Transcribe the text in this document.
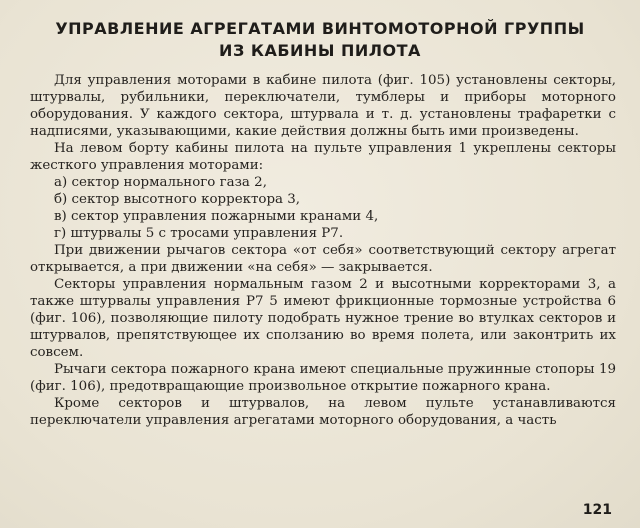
УПРАВЛЕНИЕ АГРЕГАТАМИ ВИНТОМОТОРНОЙ ГРУППЫ
ИЗ КАБИНЫ ПИЛОТА

Для управления моторами в кабине пилота (фиг. 105) установлены секторы, штурвалы, рубильники, переключатели, тумблеры и приборы моторного оборудования. У каждого сектора, штурвала и т. д. установлены трафаретки с надписями, указывающими, какие действия должны быть ими произведены.

На левом борту кабины пилота на пульте управления 1 укреплены секторы жесткого управления моторами:

а) сектор нормального газа 2,
б) сектор высотного корректора 3,
в) сектор управления пожарными кранами 4,
г) штурвалы 5 с тросами управления Р7.

При движении рычагов сектора «от себя» соответствующий сектору агрегат открывается, а при движении «на себя» — закрывается.

Секторы управления нормальным газом 2 и высотными корректорами 3, а также штурвалы управления Р7 5 имеют фрикционные тормозные устройства 6 (фиг. 106), позволяющие пилоту подобрать нужное трение во втулках секторов и штурвалов, препятствующее их сползанию во время полета, или законтрить их совсем.

Рычаги сектора пожарного крана имеют специальные пружинные стопоры 19 (фиг. 106), предотвращающие произвольное открытие пожарного крана.

Кроме секторов и штурвалов, на левом пульте устанавливаются переключатели управления агрегатами моторного оборудования, а часть

121
